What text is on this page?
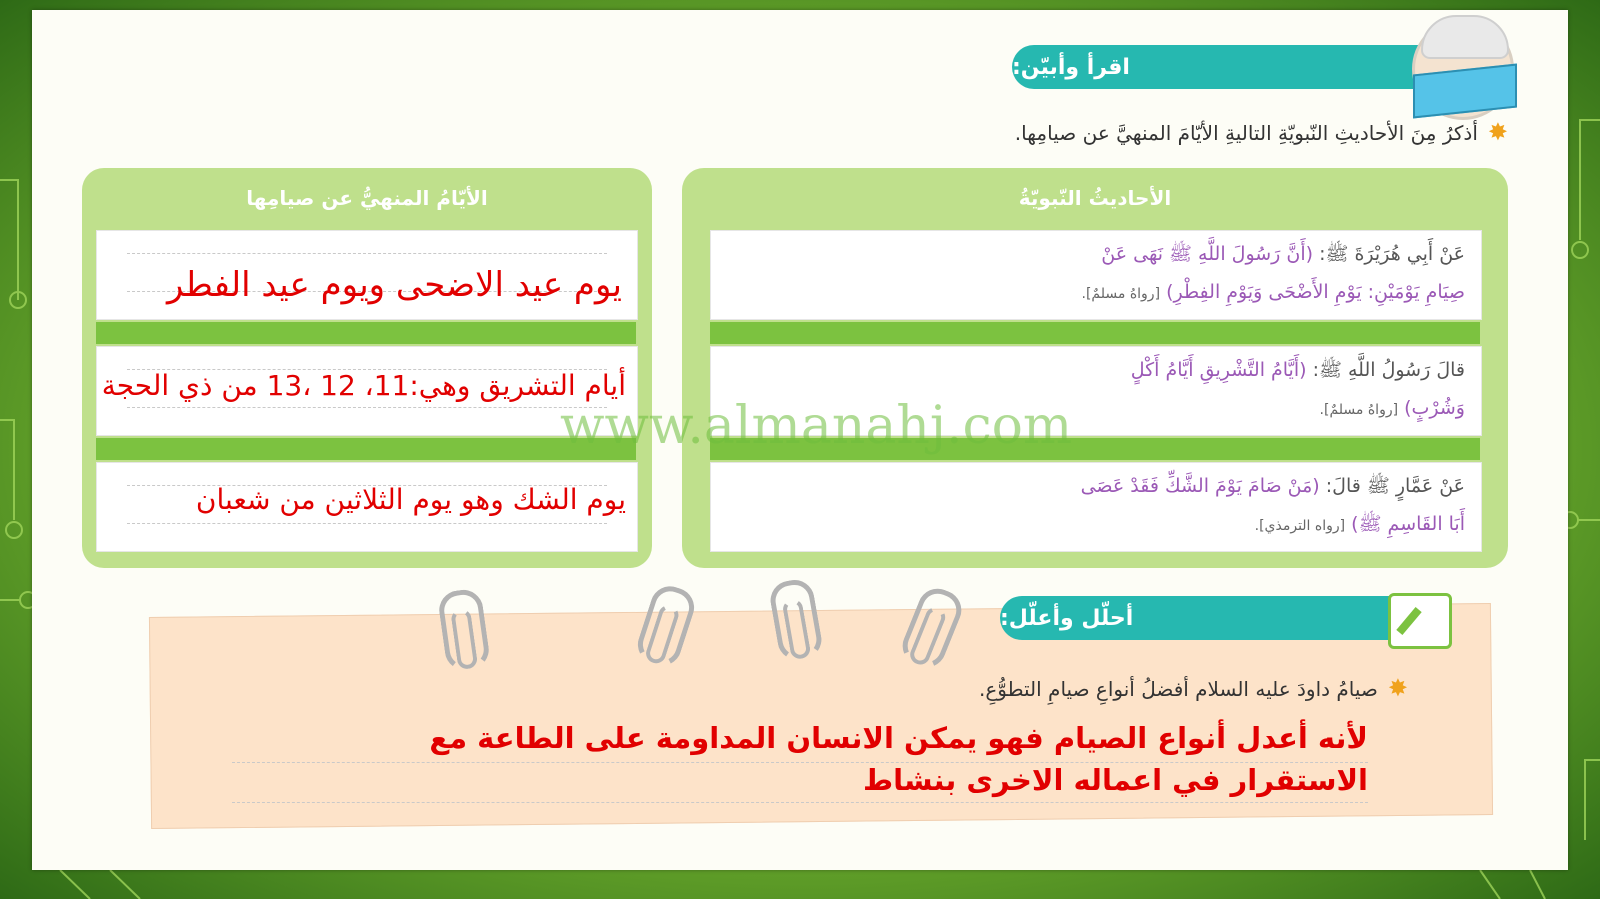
اقرأ وأبيّن:
✸أذكرُ مِنَ الأحاديثِ النّبويّةِ التاليةِ الأيّامَ المنهيَّ عن صيامِها.
الأحاديثُ النّبويّةُ
عَنْ أَبِي هُرَيْرَةَ ﷺ: (أَنَّ رَسُولَ اللَّهِ ﷺ نَهَى عَنْ
صِيَامِ يَوْمَيْنِ: يَوْمِ الأَضْحَى وَيَوْمِ الفِطْرِ) [رواهُ مسلمٌ].
قالَ رَسُولُ اللَّهِ ﷺ: (أَيَّامُ التَّشْرِيقِ أَيَّامُ أَكْلٍ
وَشُرْبٍ) [رواهُ مسلمٌ].
عَنْ عَمَّارٍ ﷺ قالَ: (مَنْ صَامَ يَوْمَ الشَّكِّ فَقَدْ عَصَى
أَبَا القَاسِمِ ﷺ) [رواه الترمذي].
الأيّامُ المنهيُّ عن صيامِها
يوم عيد الاضحى ويوم عيد الفطر
أيام التشريق وهي:11، 12 ،13 من ذي الحجة
يوم الشك وهو يوم الثلاثين من شعبان
www.almanahj.com
أحلّل وأعلّل:
✸صيامُ داودَ عليه السلام أفضلُ أنواعِ صيامِ التطوُّعِ.
لأنه أعدل أنواع الصيام فهو يمكن الانسان المداومة على الطاعة مع
الاستقرار في اعماله الاخرى بنشاط
